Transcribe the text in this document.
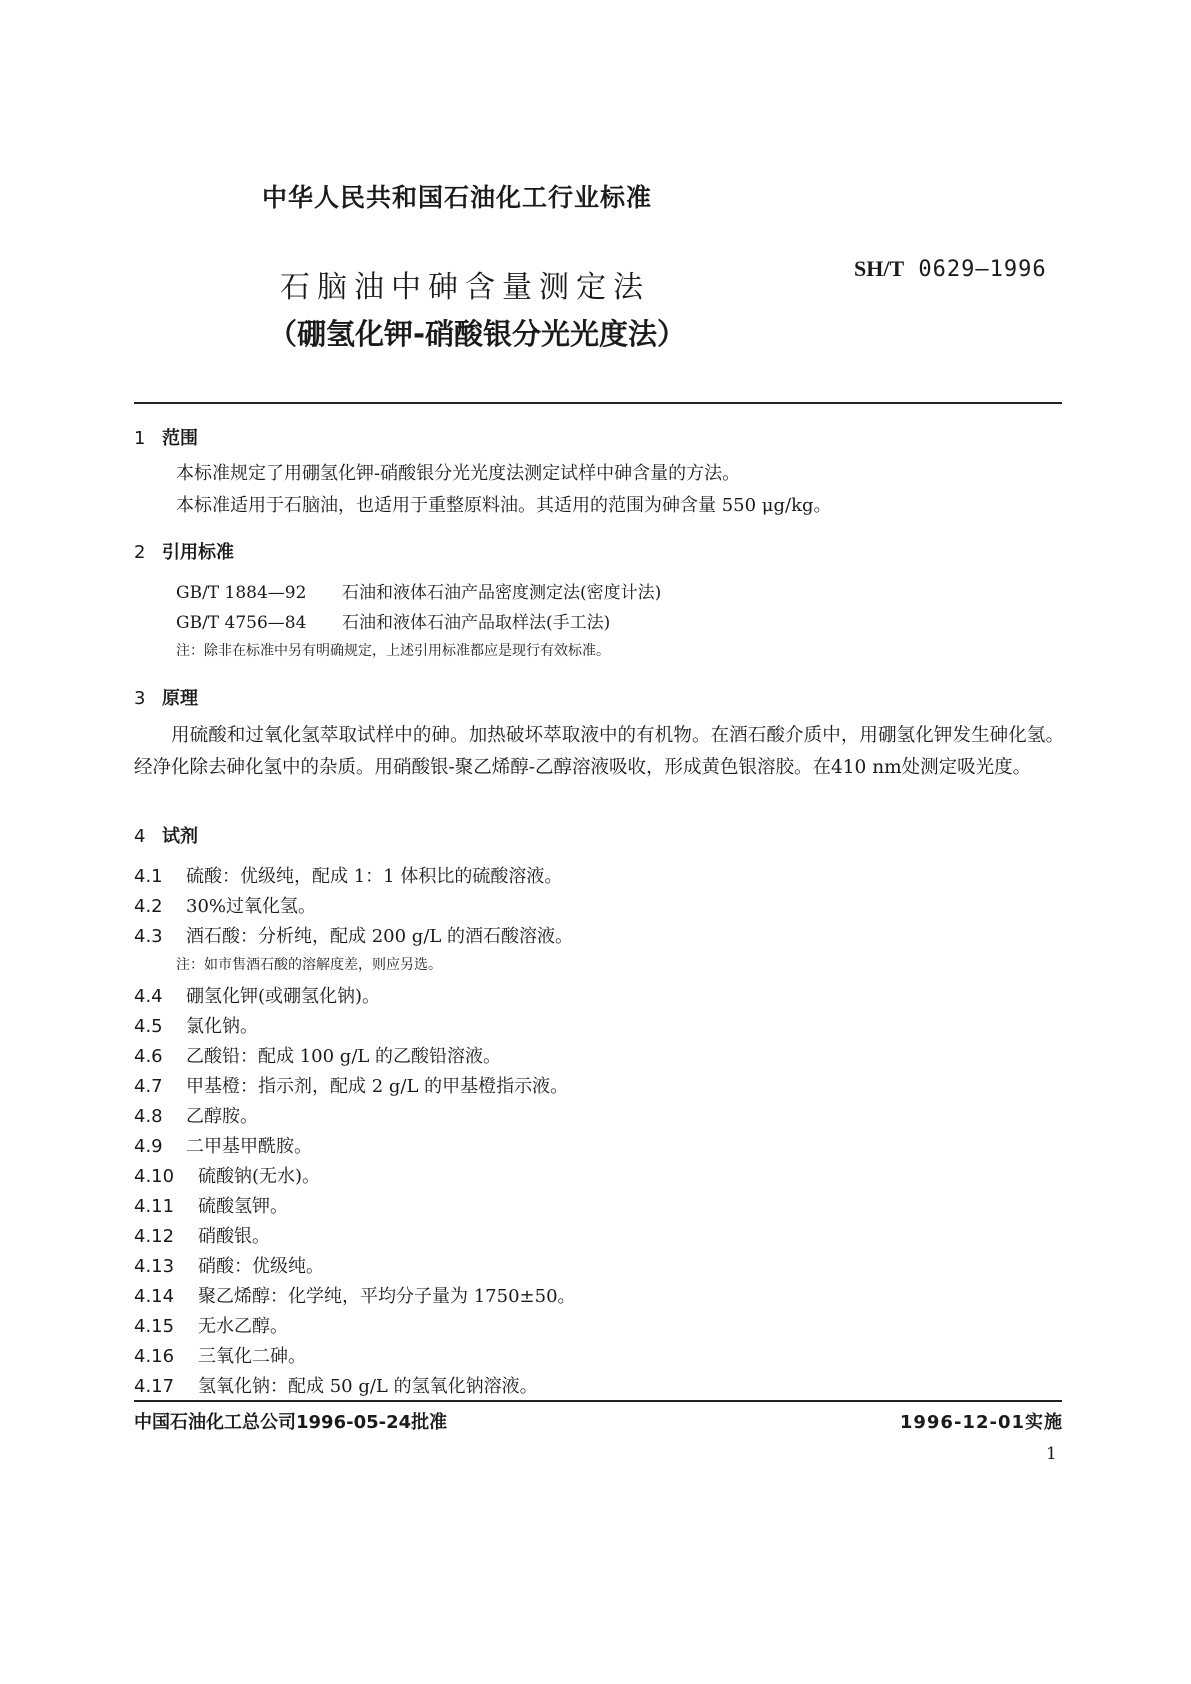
中华人民共和国石油化工行业标准
石脑油中砷含量测定法
（硼氢化钾-硝酸银分光光度法）
SH/T 0629—1996
1 范围
本标准规定了用硼氢化钾-硝酸银分光光度法测定试样中砷含量的方法。
本标准适用于石脑油，也适用于重整原料油。其适用的范围为砷含量 550 μg/kg。
2 引用标准
GB/T 1884—92 石油和液体石油产品密度测定法(密度计法)
GB/T 4756—84 石油和液体石油产品取样法(手工法)
注：除非在标准中另有明确规定，上述引用标准都应是现行有效标准。
3 原理
用硫酸和过氧化氢萃取试样中的砷。加热破坏萃取液中的有机物。在酒石酸介质中，用硼氢化钾发生砷化氢。经净化除去砷化氢中的杂质。用硝酸银-聚乙烯醇-乙醇溶液吸收，形成黄色银溶胶。在410 nm处测定吸光度。
4 试剂
4.1 硫酸：优级纯，配成 1：1 体积比的硫酸溶液。
4.2 30%过氧化氢。
4.3 酒石酸：分析纯，配成 200 g/L 的酒石酸溶液。
注：如市售酒石酸的溶解度差，则应另选。
4.4 硼氢化钾(或硼氢化钠)。
4.5 氯化钠。
4.6 乙酸铅：配成 100 g/L 的乙酸铅溶液。
4.7 甲基橙：指示剂，配成 2 g/L 的甲基橙指示液。
4.8 乙醇胺。
4.9 二甲基甲酰胺。
4.10 硫酸钠(无水)。
4.11 硫酸氢钾。
4.12 硝酸银。
4.13 硝酸：优级纯。
4.14 聚乙烯醇：化学纯，平均分子量为 1750±50。
4.15 无水乙醇。
4.16 三氧化二砷。
4.17 氢氧化钠：配成 50 g/L 的氢氧化钠溶液。
中国石油化工总公司1996-05-24批准	1996-12-01实施
1
